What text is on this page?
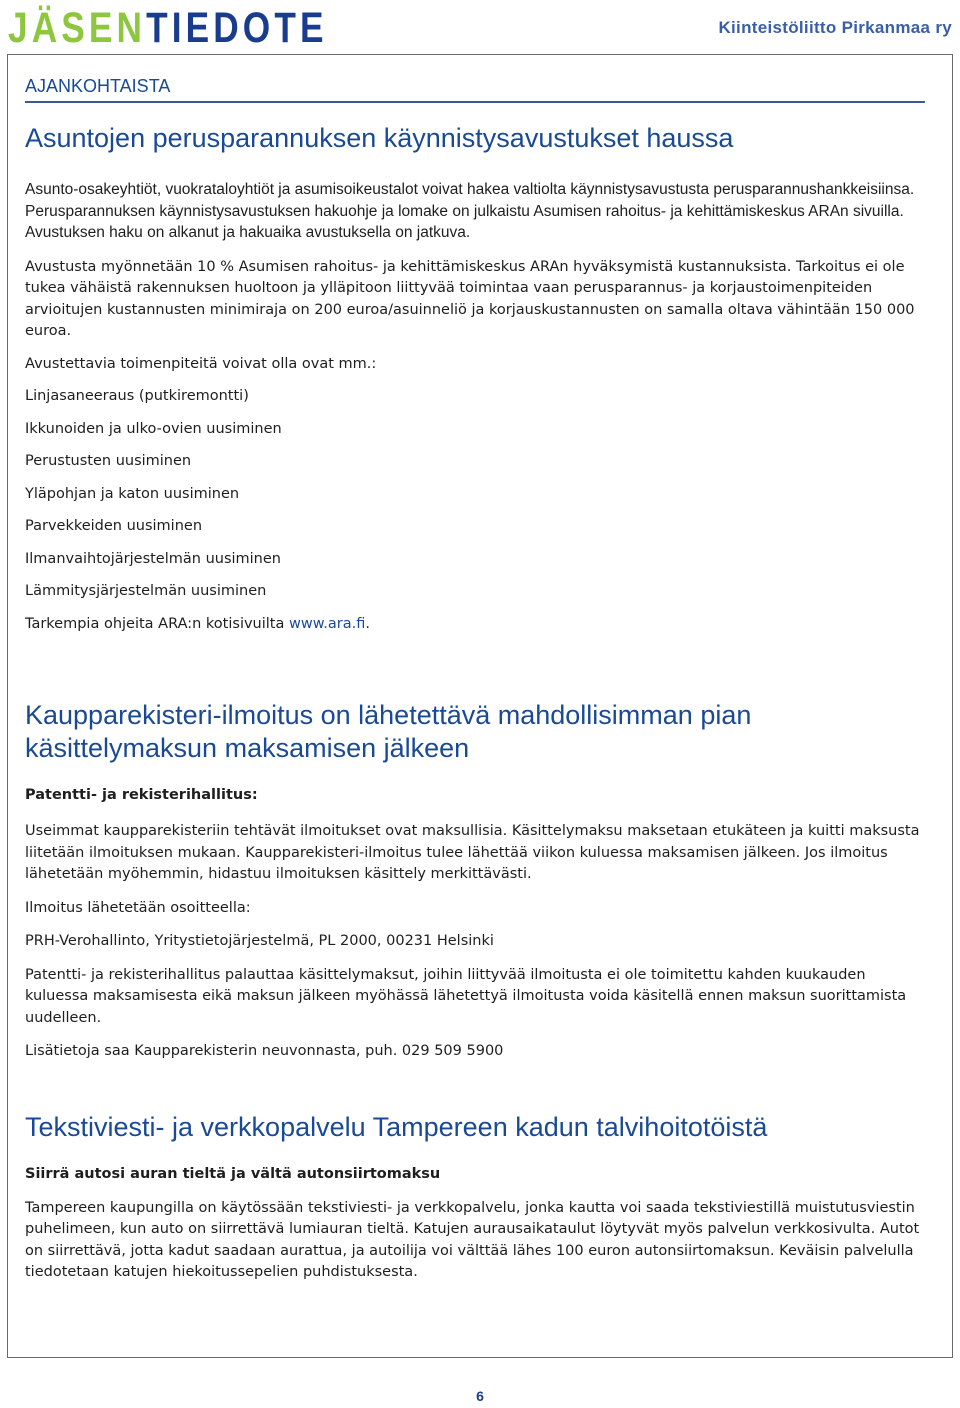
JÄSENTIEDOTE	Kiinteistöliitto Pirkanmaa ry
AJANKOHTAISTA
Asuntojen perusparannuksen käynnistysavustukset haussa

Asunto-osakeyhtiöt, vuokrataloyhtiöt ja asumisoikeustalot voivat hakea valtiolta käynnistysavustusta perusparannushankkeisiinsa. Perusparannuksen käynnistysavustuksen hakuohje ja lomake on julkaistu Asumisen rahoitus- ja kehittämiskeskus ARAn sivuilla. Avustuksen haku on alkanut ja hakuaika avustuksella on jatkuva.

Avustusta myönnetään 10 % Asumisen rahoitus- ja kehittämiskeskus ARAn hyväksymistä kustannuksista. Tarkoitus ei ole tukea vähäistä rakennuksen huoltoon ja ylläpitoon liittyvää toimintaa vaan perusparannus- ja korjaustoimenpiteiden arvioitujen kustannusten minimiraja on 200 euroa/asuinneliö ja korjauskustannusten on samalla oltava vähintään 150 000 euroa.

Avustettavia toimenpiteitä voivat olla ovat mm.:

Linjasaneeraus (putkiremontti)

Ikkunoiden ja ulko-ovien uusiminen

Perustusten uusiminen

Yläpohjan ja katon uusiminen

Parvekkeiden uusiminen

Ilmanvaihtojärjestelmän uusiminen

Lämmitysjärjestelmän uusiminen

Tarkempia ohjeita ARA:n kotisivuilta www.ara.fi.

Kaupparekisteri-ilmoitus on lähetettävä mahdollisimman pian käsittelymaksun maksamisen jälkeen

Patentti- ja rekisterihallitus:

Useimmat kaupparekisteriin tehtävät ilmoitukset ovat maksullisia. Käsittelymaksu maksetaan etukäteen ja kuitti maksusta liitetään ilmoituksen mukaan. Kaupparekisteri-ilmoitus tulee lähettää viikon kuluessa maksamisen jälkeen. Jos ilmoitus lähetetään myöhemmin, hidastuu ilmoituksen käsittely merkittävästi.

Ilmoitus lähetetään osoitteella:

PRH-Verohallinto, Yritystietojärjestelmä, PL 2000, 00231 Helsinki

Patentti- ja rekisterihallitus palauttaa käsittelymaksut, joihin liittyvää ilmoitusta ei ole toimitettu kahden kuukauden kuluessa maksamisesta eikä maksun jälkeen myöhässä lähetettyä ilmoitusta voida käsitellä ennen maksun suorittamista uudelleen.

Lisätietoja saa Kaupparekisterin neuvonnasta, puh. 029 509 5900

Tekstiviesti- ja verkkopalvelu Tampereen kadun talvihoitotöistä

Siirrä autosi auran tieltä ja vältä autonsiirtomaksu

Tampereen kaupungilla on käytössään tekstiviesti- ja verkkopalvelu, jonka kautta voi saada tekstiviestillä muistutusviestin puhelimeen, kun auto on siirrettävä lumiauran tieltä. Katujen aurausaikataulut löytyvät myös palvelun verkkosivulta. Autot on siirrettävä, jotta kadut saadaan aurattua, ja autoilija voi välttää lähes 100 euron autonsiirtomaksun. Keväisin palvelulla tiedotetaan katujen hiekoitussepelien puhdistuksesta.

6
